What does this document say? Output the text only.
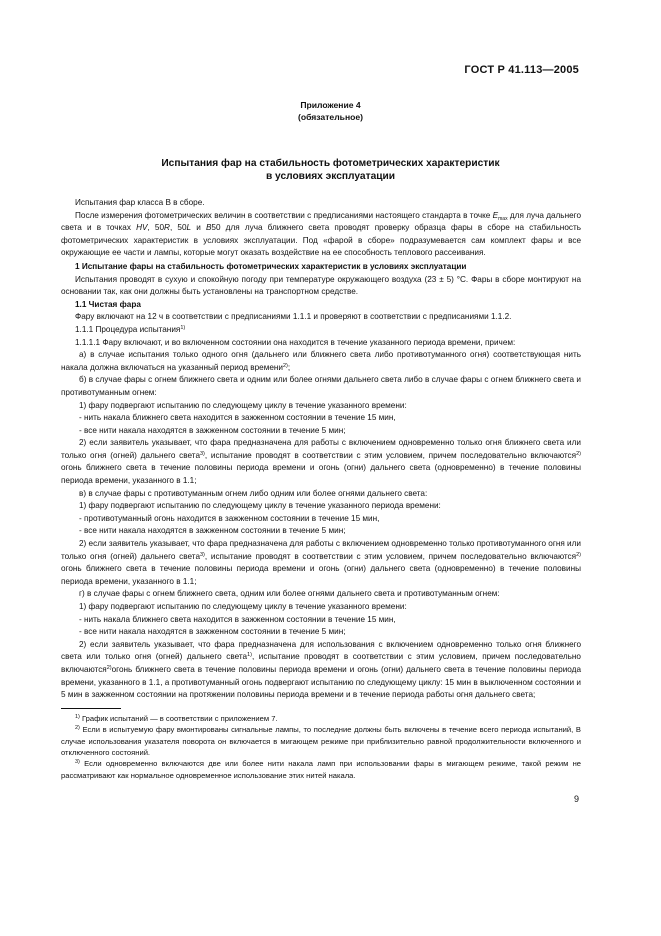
ГОСТ Р 41.113—2005
Приложение 4
(обязательное)
Испытания фар на стабильность фотометрических характеристик
в условиях эксплуатации

Испытания фар класса В в сборе.

После измерения фотометрических величин в соответствии с предписаниями настоящего стандарта в точке $E_{max}$ для луча дальнего света и в точках HV, 50R, 50L и B50 для луча ближнего света проводят проверку образца фары в сборе на стабильность фотометрических характеристик в условиях эксплуатации. Под «фарой в сборе» подразумевается сам комплект фары и все окружающие ее части и лампы, которые могут оказать воздействие на ее способность теплового рассеивания.

1 Испытание фары на стабильность фотометрических характеристик в условиях эксплуатации

Испытания проводят в сухую и спокойную погоду при температуре окружающего воздуха (23 ± 5) °С. Фары в сборе монтируют на основании так, как они должны быть установлены на транспортном средстве.

1.1 Чистая фара

Фару включают на 12 ч в соответствии с предписаниями 1.1.1 и проверяют в соответствии с предписаниями 1.1.2.

1.1.1 Процедура испытания$^{1)}$

1.1.1.1 Фару включают, и во включенном состоянии она находится в течение указанного периода времени, причем:

а) в случае испытания только одного огня (дальнего или ближнего света либо противотуманного огня) соответствующая нить накала должна включаться на указанный период времени$^{2)}$;

б) в случае фары с огнем ближнего света и одним или более огнями дальнего света либо в случае фары с огнем ближнего света и противотуманным огнем:

1) фару подвергают испытанию по следующему циклу в течение указанного времени:

- нить накала ближнего света находится в зажженном состоянии в течение 15 мин,

- все нити накала находятся в зажженном состоянии в течение 5 мин;

2) если заявитель указывает, что фара предназначена для работы с включением одновременно только огня ближнего света или только огня (огней) дальнего света$^{3)}$, испытание проводят в соответствии с этим условием, причем последовательно включаются$^{2)}$ огонь ближнего света в течение половины периода времени и огонь (огни) дальнего света (одновременно) в течение половины периода времени, указанного в 1.1;

в) в случае фары с противотуманным огнем либо одним или более огнями дальнего света:

1) фару подвергают испытанию по следующему циклу в течение указанного периода времени:

- противотуманный огонь находится в зажженном состоянии в течение 15 мин,

- все нити накала находятся в зажженном состоянии в течение 5 мин;

2) если заявитель указывает, что фара предназначена для работы с включением одновременно только противотуманного огня или только огня (огней) дальнего света$^{3)}$, испытание проводят в соответствии с этим условием, причем последовательно включаются$^{2)}$ огонь ближнего света в течение половины периода времени и огонь (огни) дальнего света (одновременно) в течение половины периода времени, указанного в 1.1;

г) в случае фары с огнем ближнего света, одним или более огнями дальнего света и противотуманным огнем:

1) фару подвергают испытанию по следующему циклу в течение указанного времени:

- нить накала ближнего света находится в зажженном состоянии в течение 15 мин,

- все нити накала находятся в зажженном состоянии в течение 5 мин;

2) если заявитель указывает, что фара предназначена для использования с включением одновременно только огня ближнего света или только огня (огней) дальнего света$^{1)}$, испытание проводят в соответствии с этим условием, причем последовательно включаются$^{2)}$огонь ближнего света в течение половины периода времени и огонь (огни) дальнего света в течение половины периода времени, указанного в 1.1, а противотуманный огонь подвергают испытанию по следующему циклу: 15 мин в выключенном состоянии и 5 мин в зажженном состоянии на протяжении половины периода времени и в течение периода работы огня дальнего света;

$^{1)}$ График испытаний — в соответствии с приложением 7.

$^{2)}$ Если в испытуемую фару вмонтированы сигнальные лампы, то последние должны быть включены в течение всего периода испытаний, В случае использования указателя поворота он включается в мигающем режиме при приблизительно равной продолжительности включенного и отключенного состояний.

$^{3)}$ Если одновременно включаются две или более нити накала ламп при использовании фары в мигающем режиме, такой режим не рассматривают как нормальное одновременное использование этих нитей накала.

9
